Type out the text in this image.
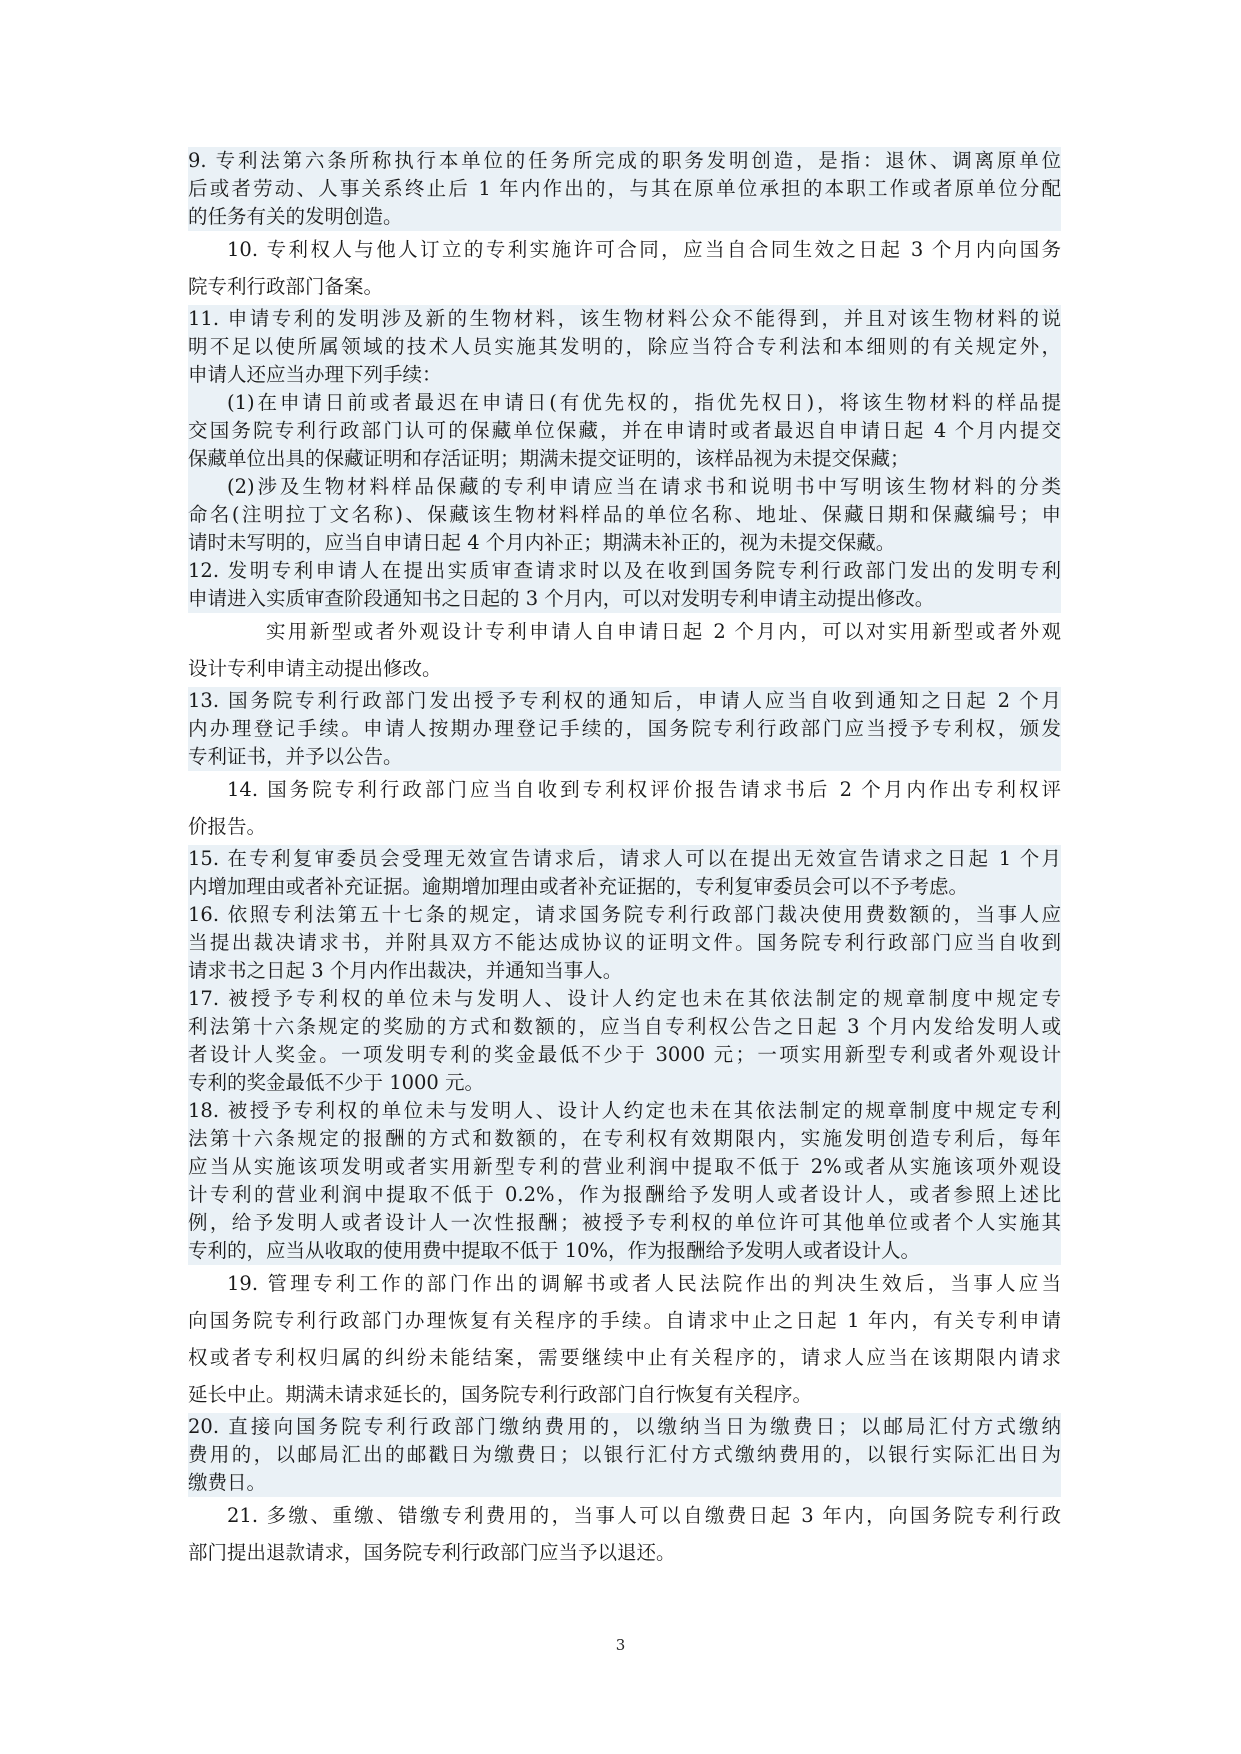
9. 专利法第六条所称执行本单位的任务所完成的职务发明创造，是指：退休、调离原单位
后或者劳动、人事关系终止后 1 年内作出的，与其在原单位承担的本职工作或者原单位分配
的任务有关的发明创造。
10. 专利权人与他人订立的专利实施许可合同，应当自合同生效之日起 3 个月内向国务
院专利行政部门备案。
11. 申请专利的发明涉及新的生物材料，该生物材料公众不能得到，并且对该生物材料的说
明不足以使所属领域的技术人员实施其发明的，除应当符合专利法和本细则的有关规定外，
申请人还应当办理下列手续：
(1)在申请日前或者最迟在申请日(有优先权的，指优先权日)，将该生物材料的样品提
交国务院专利行政部门认可的保藏单位保藏，并在申请时或者最迟自申请日起 4 个月内提交
保藏单位出具的保藏证明和存活证明；期满未提交证明的，该样品视为未提交保藏；
(2)涉及生物材料样品保藏的专利申请应当在请求书和说明书中写明该生物材料的分类
命名(注明拉丁文名称)、保藏该生物材料样品的单位名称、地址、保藏日期和保藏编号；申
请时未写明的，应当自申请日起 4 个月内补正；期满未补正的，视为未提交保藏。
12. 发明专利申请人在提出实质审查请求时以及在收到国务院专利行政部门发出的发明专利
申请进入实质审查阶段通知书之日起的 3 个月内，可以对发明专利申请主动提出修改。
实用新型或者外观设计专利申请人自申请日起 2 个月内，可以对实用新型或者外观
设计专利申请主动提出修改。
13. 国务院专利行政部门发出授予专利权的通知后，申请人应当自收到通知之日起 2 个月
内办理登记手续。申请人按期办理登记手续的，国务院专利行政部门应当授予专利权，颁发
专利证书，并予以公告。
14. 国务院专利行政部门应当自收到专利权评价报告请求书后 2 个月内作出专利权评
价报告。
15. 在专利复审委员会受理无效宣告请求后，请求人可以在提出无效宣告请求之日起 1 个月
内增加理由或者补充证据。逾期增加理由或者补充证据的，专利复审委员会可以不予考虑。
16. 依照专利法第五十七条的规定，请求国务院专利行政部门裁决使用费数额的，当事人应
当提出裁决请求书，并附具双方不能达成协议的证明文件。国务院专利行政部门应当自收到
请求书之日起 3 个月内作出裁决，并通知当事人。
17. 被授予专利权的单位未与发明人、设计人约定也未在其依法制定的规章制度中规定专
利法第十六条规定的奖励的方式和数额的，应当自专利权公告之日起 3 个月内发给发明人或
者设计人奖金。一项发明专利的奖金最低不少于 3000 元；一项实用新型专利或者外观设计
专利的奖金最低不少于 1000 元。
18. 被授予专利权的单位未与发明人、设计人约定也未在其依法制定的规章制度中规定专利
法第十六条规定的报酬的方式和数额的，在专利权有效期限内，实施发明创造专利后，每年
应当从实施该项发明或者实用新型专利的营业利润中提取不低于 2%或者从实施该项外观设
计专利的营业利润中提取不低于 0.2%，作为报酬给予发明人或者设计人，或者参照上述比
例，给予发明人或者设计人一次性报酬；被授予专利权的单位许可其他单位或者个人实施其
专利的，应当从收取的使用费中提取不低于 10%，作为报酬给予发明人或者设计人。
19. 管理专利工作的部门作出的调解书或者人民法院作出的判决生效后，当事人应当
向国务院专利行政部门办理恢复有关程序的手续。自请求中止之日起 1 年内，有关专利申请
权或者专利权归属的纠纷未能结案，需要继续中止有关程序的，请求人应当在该期限内请求
延长中止。期满未请求延长的，国务院专利行政部门自行恢复有关程序。
20. 直接向国务院专利行政部门缴纳费用的，以缴纳当日为缴费日；以邮局汇付方式缴纳
费用的，以邮局汇出的邮戳日为缴费日；以银行汇付方式缴纳费用的，以银行实际汇出日为
缴费日。
21. 多缴、重缴、错缴专利费用的，当事人可以自缴费日起 3 年内，向国务院专利行政
部门提出退款请求，国务院专利行政部门应当予以退还。
3
